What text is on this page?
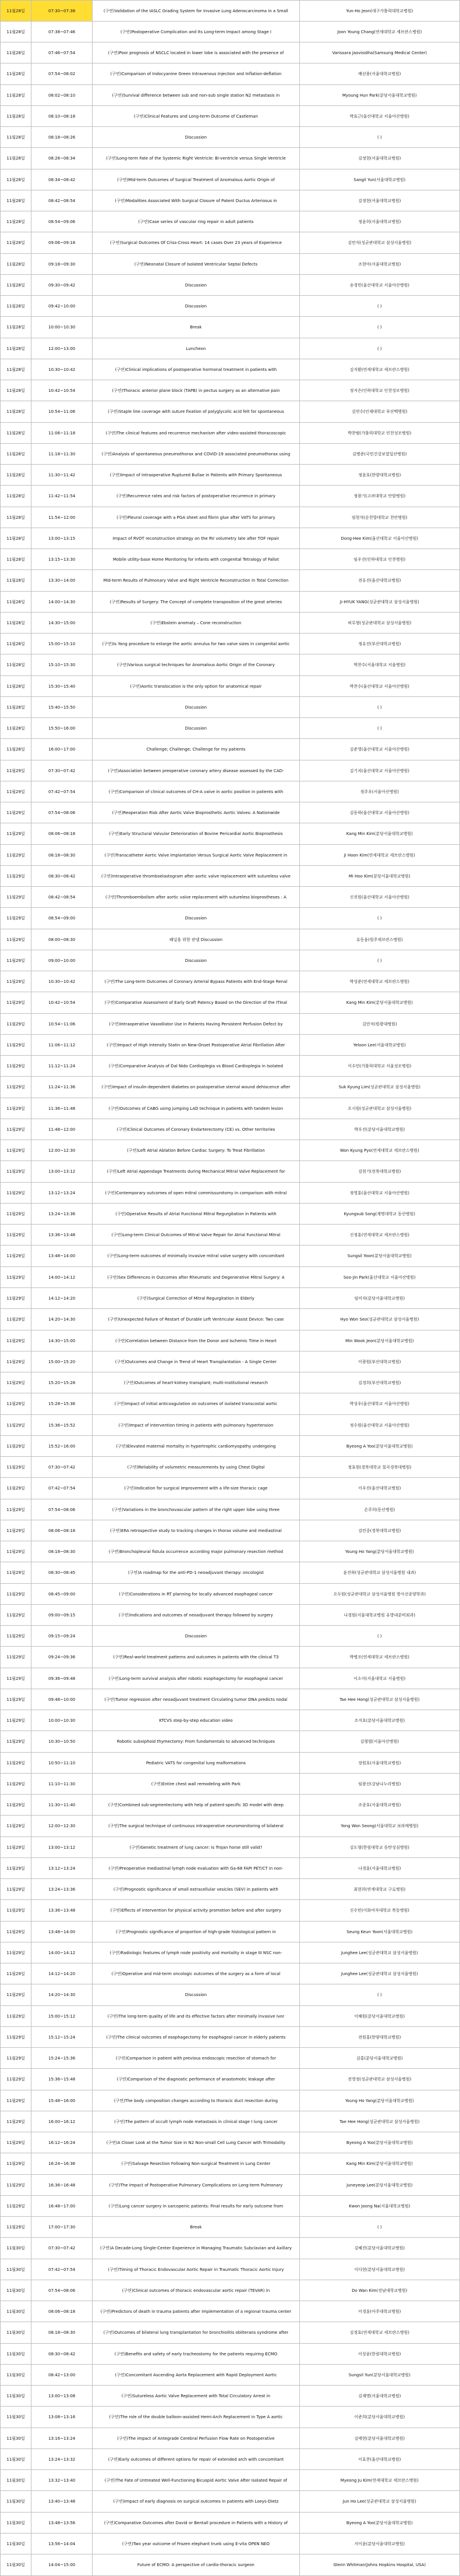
11월28일	07:30~07:38	(구연)Validation of the IASLC Grading System for Invasive Lung Adenocarcinoma in a Small	Yun-Ho Jeon(대구가톨릭대학교병원)
11월28일	07:38~07:46	(구연)Postoperative Complication and Its Long-term Impact among Stage I	Joon Young Chang(연세대학교 세브란스병원)
11월28일	07:46~07:54	(구연)Poor prognosis of NSCLC located in lower lobe is associated with the presence of	Varissara Jaovisidha(Samsung Medical Center)
11월28일	07:54~08:02	(구연)Comparison of Indocyanine Green Intravenous Injection and Inflation-deflation	배선용(서울대학교병원)
11월28일	08:02~08:10	(구연)Survival difference between sub and non-sub single station N2 metastasis in	Myoung Hun Park(분당서울대학교병원)
11월28일	08:10~08:18	(구연)Clinical Features and Long-term Outcome of Castleman	박효근(울산대학교 서울아산병원)
11월28일	08:18~08:26	Discussion	( )
11월28일	08:26~08:34	(구연)Long-term Fate of the Systemic Right Ventricle: Bi-ventricle versus Single Ventricle	김정현(서울대학교병원)
11월28일	08:34~08:42	(구연)Mid-term Outcomes of Surgical Treatment of Anomalous Aortic Origin of	Sangil Yun(서울대학교병원)
11월28일	08:42~08:54	(구연)Modalities Associated With Surgical Closure of Patent Ductus Arteriosus in	김정현(서울대학교병원)
11월28일	08:54~09:06	(구연)Case series of vascular ring repair in adult patients	정윤희(서울대학교병원)
11월28일	09:06~09:18	(구연)Surgical Outcomes Of Criss-Cross Heart: 14 cases Over 23 years of Experience	김민식(성균관대학교 삼성서울병원)
11월28일	09:18~09:30	(구연)Neonatal Closure of Isolated Ventricular Septal Defects	조현아(서울대학교병원)
11월28일	09:30~09:42	Discussion	송경민(울산대학교 서울아산병원)
11월28일	09:42~10:00	Discussion	( )
11월28일	10:00~10:30	Break	( )
11월28일	12:00~13:00	Luncheon	( )
11월28일	10:30~10:42	(구연)Clinical implications of postoperative hormonal treatment in patients with	김지환(연세대학교 세브란스병원)
11월28일	10:42~10:54	(구연)Thoracic anterior plane block (TAPB) in pectus surgery as an alternative pain	정지은(인하대학교 인천성모병원)
11월28일	10:54~11:06	(구연)Staple line coverage with suture fixation of polyglycolic acid felt for spontaneous	김연수(인제대학교 부산백병원)
11월28일	11:06~11:18	(구연)The clinical features and recurrence mechanism after video-assisted thoracoscopic	박찬범(가톨릭대학교 인천성모병원)
11월28일	11:18~11:30	(구연)Analysis of spontaneous pneumothorax and COVID-19 associated pneumothorax using	김병준(국민건강보험일산병원)
11월28일	11:30~11:42	(구연)Impact of Intraoperative Ruptured Bullae in Patients with Primary Spontaneous	정윤호(한양대학교병원)
11월28일	11:42~11:54	(구연)Recurrence rates and risk factors of postoperative recurrence in primary	정광기(고려대학교 안암병원)
11월28일	11:54~12:00	(구연)Pleural coverage with a PGA sheet and fibrin glue after VATS for primary	임현석(순천향대학교 천안병원)
11월28일	13:00~13:15	Impact of RVOT reconstruction strategy on the RV volumetry late after TOF repair	Dong-Hee Kim(울산대학교 서울아산병원)
11월28일	13:15~13:30	Mobile utility-base Home Monitoring for infants with congenital Tetralogy of Fallot	임우진(인하대학교 인천병원)
11월28일	13:30~14:00	Mid-term Results of Pulmonary Valve and Right Ventricle Reconstruction in Total Correction	전유진(울산대학교병원)
11월28일	14:00~14:30	(구연)Results of Surgery: The Concept of complete transposition of the great arteries	Ji-HYUK YANG(성균관대학교 삼성서울병원)
11월28일	14:30~15:00	(구연)Ebstein anomaly – Cone reconstruction	허루형(성균관대학교 삼성서울병원)
11월28일	15:00~15:10	(구연)Is Yang procedure to enlarge the aortic annulus for two valve sizes in congenital aortic	정유진(부산대학교병원)
11월28일	15:10~15:30	(구연)Various surgical techniques for Anomalous Aortic Origin of the Coronary	박찬수(서울대학교 서울병원)
11월28일	15:30~15:40	(구연)Aortic translocation is the only option for anatomical repair	박찬수(울산대학교 서울아산병원)
11월28일	15:40~15:50	Discussion	( )
11월28일	15:50~16:00	Discussion	( )
11월28일	16:00~17:00	Challenge; Challenge; Challenge for my patients	김준영(울산대학교 서울아산병원)
11월29일	07:30~07:42	(구연)Association between preoperative coronary artery disease assessed by the CAD-	김기치(울산대학교 서울아산병원)
11월29일	07:42~07:54	(구연)Comparison of clinical outcomes of CH-A valve in aortic position in patients with	정주우(서울아산병원)
11월29일	07:54~08:06	(구연)Reoperation Risk After Aortic Valve Bioprosthetic Aortic Valves: A Nationwide	김동하(울산대학교 서울아산병원)
11월29일	08:06~08:18	(구연)Early Structural Valvular Deterioration of Bovine Pericardial Aortic Bioprosthesis	Kang Min Kim(분당서울대학교병원)
11월29일	08:18~08:30	(구연)Transcatheter Aortic Valve Implantation Versus Surgical Aortic Valve Replacement in	Ji Hoon Kim(연세대학교 세브란스병원)
11월29일	08:30~08:42	(구연)Intraoperative thromboelastogram after aortic valve replacement with sutureless valve	Mi Hoo Kim(분당서울대학교병원)
11월29일	08:42~08:54	(구연)Thromboembolism after aortic valve replacement with sutureless bioprostheses : A	신진원(울산대학교 서울아산병원)
11월29일	08:54~09:00	Discussion	( )
11월29일	08:00~08:30	패널을 위한 판넬 Discussion	유동윤(원주세브란스병원)
11월29일	09:00~10:00	Discussion	( )
11월29일	10:30~10:42	(구연)The Long-term Outcomes of Coronary Arterial Bypass Patients with End-Stage Renal	박성준(연세대학교 세브란스병원)
11월29일	10:42~10:54	(구연)Comparative Assessment of Early Graft Patency Based on the Direction of the ITInal	Kang Min Kim(분당서울대학교병원)
11월29일	10:54~11:06	(구연)Intraoperative Vasodilator Use in Patients Having Persistent Perfusion Defect by	김민석(원광대병원)
11월29일	11:06~11:12	(구연)Impact of High Intensity Statin on New-Onset Postoperative Atrial Fibrillation After	Yeloon Lee(서울대학교병원)
11월29일	11:12~11:24	(구연)Comparative Analysis of Dal Nido Cardioplegia vs Blood Cardioplegia in Isolated	이수민(가톨릭대학교 서울성모병원)
11월29일	11:24~11:36	(구연)Impact of insulin-dependent diabetes on postoperative sternal wound dehiscence after	Suk Kyung Lim(성균관대학교 삼성서울병원)
11월29일	11:36~11:48	(구연)Outcomes of CABG using jumping LAD technique in patients with tandem lesion	오시원(성균관대학교 삼성서울병원)
11월29일	11:48~12:00	(구연)Clinical Outcomes of Coronary Endarterectomy (CE) vs. Other territories	박우진(분당서울대학교병원)
11월29일	12:00~12:30	(구연)Left Atrial Ablation Before Cardiac Surgery: To Treat Fibrillation	Won Kyung Pyo(연세대학교 세브란스병원)
11월29일	13:00~13:12	(구연)Left Atrial Appendage Treatments during Mechanical Mitral Valve Replacement for	김현기(전북대학교병원)
11월29일	13:12~13:24	(구연)Contemporary outcomes of open mitral commissurotomy in comparison with mitral	정영훈(울산대학교 서울아산병원)
11월29일	13:24~13:36	(구연)Operative Results of Atrial Functional Mitral Regurgitation in Patients with	Kyungsub Song(계명대학교 동산병원)
11월29일	13:36~13:48	(구연)Long-term Clinical Outcomes of Mitral Valve Repair for Atrial Functional Mitral	신정훈(연세대학교 세브란스병원)
11월29일	13:48~14:00	(구연)Long-term outcomes of minimally invasive mitral valve surgery with concomitant	Sungsil Yoon(분당서울대학교병원)
11월29일	14:00~14:12	(구연)Sex Differences in Outcomes after Rheumatic and Degenerative Mitral Surgery: A	Soo-Jin Park(울산대학교 서울아산병원)
11월29일	14:12~14:20	(구연)Surgical Correction of Mitral Regurgitation in Elderly	임미자(분당서울대학교병원)
11월29일	14:20~14:30	(구연)Unexpected Failure of Restart of Durable Left Ventricular Assist Device: Two case	Hyo Won Seo(성균관대학교 삼성서울병원)
11월29일	14:30~15:00	(구연)Correlation between Distance from the Donor and Ischemic Time in Heart	Min Wook Jeon(분당서울대학교병원)
11월29일	15:00~15:20	(구연)Outcomes and Change in Trend of Heart Transplantation - A Single Center	이광원(부산대학교병원)
11월29일	15:20~15:28	(구연)Outcomes of heart-kidney transplant; multi-institutional research	김경희(부산대학교병원)
11월29일	15:28~15:36	(구연)Impact of initial anticoagulation on outcomes of isolated transcostal aortic	박성우(울산대학교 서울아산병원)
11월29일	15:36~15:52	(구연)Impact of intervention timing in patients with pulmonary hypertension	정수원(울산대학교 서울아산병원)
11월29일	15:52~16:00	(구연)Elevated maternal mortality in hypertrophic cardiomyopathy undergoing	Byeong A Yoo(분당서울대학교병원)
11월29일	07:30~07:42	(구연)Reliability of volumetric measurements by using Chest Digital	정효원(경북대학교 칠곡경북대병원)
11월29일	07:42~07:54	(구연)Indication for surgical improvement with a life-size thoracic cage	이우진(울산대학교병원)
11월29일	07:54~08:06	(구연)Variations in the bronchovascular pattern of the right upper lobe using three	손주희(동산병원)
11월29일	08:06~08:18	(구연)ERA retrospective study to tracking changes in thorax volume and mediastinal	김민중(경북대학교병원)
11월29일	08:18~08:30	(구연)Bronchopleural fistula occurrence according major pulmonary resection method	Young Ho Yang(분당서울대학교병원)
11월29일	08:30~08:45	(구연)A roadmap for the anti-PD-1 neoadjuvant therapy: oncologist	윤진하(성균관대학교 삼성서울병원 내과)
11월29일	08:45~09:00	(구연)Considerations in RT planning for locally advanced esophageal cancer	오두원(성균관대학교 삼성서울병원 방사선종양학과)
11월29일	09:00~09:15	(구연)Indications and outcomes of neoadjuvant therapy followed by surgery	나경원(서울대학교병원 유방내분비외과)
11월29일	09:15~09:24	Discussion	( )
11월29일	09:24~09:36	(구연)Real-world treatment patterns and outcomes in patients with the clinical T3	박병조(연세대학교 세브란스병원)
11월29일	09:36~09:48	(구연)Long-term survival analysis after robotic esophagectomy for esophageal cancer	이소미(서울대학교 서울병원)
11월29일	09:48~10:00	(구연)Tumor regression after neoadjuvant treatment Circulating tumor DNA predicts nodal	Tae Hee Hong(성균관대학교 삼성서울병원)
11월29일	10:00~10:30	KTCVS step-by-step education video	조지호(분당서울대학교병원)
11월29일	10:30~10:50	Robotic subxiphoid thymectomy: From fundamentals to advanced techniques	김형렬(서울아산병원)
11월29일	10:50~11:10	Pediatric VATS for congenital lung malformations	장원호(서울대학교병원)
11월29일	11:10~11:30	(구연)Entire chest wall remodeling with Park	임광선(강남나누리병원)
11월29일	11:30~11:40	(구연)Combined sub-segmentectomy with help of patient-specific 3D model with deep	조종호(서울대학교병원)
11월29일	12:00~12:30	(구연)The surgical technique of continuous intraoperative neuromonitoring of bilateral	Yong Won Seong(서울대학교 보라매병원)
11월29일	13:00~13:12	(구연)Genetic treatment of lung cancer: Is Trojan horse still valid?	김도형(한림대학교 동탄성심병원)
11월29일	13:12~13:24	(구연)Preoperative mediastinal lymph node evaluation with Ga-68 FAPI PET/CT in non-	나경훈(서울대학교병원)
11월29일	13:24~13:36	(구연)Prognostic significance of small extracellular vesicles (SEV) in patients with	최현희(연세대학교 구로병원)
11월29일	13:36~13:48	(구연)Effects of intervention for physical activity promotion before and after surgery	신수민(이화여자대학교 목동병원)
11월29일	13:48~14:00	(구연)Prognostic significance of proportion of high-grade histological pattern in	Seung Keun Yoon(서울대학교병원)
11월29일	14:00~14:12	(구연)Radiologic features of lymph node positivity and mortality in stage III NSC non-	Junghee Lee(성균관대학교 삼성서울병원)
11월29일	14:12~14:20	(구연)Operative and mid-term oncologic outcomes of the surgery as a form of local	Junghee Lee(성균관대학교 삼성서울병원)
11월29일	14:20~14:30	Discussion	( )
11월29일	15:00~15:12	(구연)The long-term quality of life and its effective factors after minimally invasive Ivor	이혜원(분당서울대학교병원)
11월29일	15:12~15:24	(구연)The clinical outcomes of esophagectomy for esophageal cancer in elderly patients	전원홍(한양대학교병원)
11월29일	15:24~15:36	(구연)Comparison in patient with previous endoscopic resection of stomach for	김홍(분당서울대학교병원)
11월29일	15:36~15:48	(구연)Comparison of the diagnostic performance of anastomotic leakage after	전영정(성균관대학교 삼성서울병원)
11월29일	15:48~16:00	(구연)The body composition changes according to thoracic duct resection during	Young Ho Yang(분당서울대학교병원)
11월29일	16:00~16:12	(구연)The pattern of occult lymph node metastasis in clinical stage I lung cancer	Tae Hee Hong(성균관대학교 삼성서울병원)
11월29일	16:12~16:24	(구연)A Closer Look at the Tumor Size in N2 Non-small Cell Lung Cancer with Trimodality	Byeong A Yoo(분당서울대학교병원)
11월29일	16:24~16:36	(구연)Salvage Resection Following Non-surgical Treatment in Lung Center	Kang Min Kim(분당서울대학교병원)
11월29일	16:36~16:48	(구연)The Impact of Postoperative Pulmonary Complications on Long-term Pulmonary	Juneyeop Lee(분당서울대학교병원)
11월29일	16:48~17:00	(구연)Lung cancer surgery in sarcopenic patients: Final results for early outcome from	Kwon Joong Na(서울대학교병원)
11월29일	17:00~17:30	Break	( )
11월30일	07:30~07:42	(구연)A Decade-Long Single-Center Experience in Managing Traumatic Subclavian and Axillary	김혜진(분당서울대학교병원)
11월30일	07:42~07:54	(구연)Timing of Thoracic Endovascular Aortic Repair in Traumatic Thoracic Aortic Injury	이다현(분당서울대학교병원)
11월30일	07:54~08:06	(구연)Clinical outcomes of thoracic endovascular aortic repair (TEVAR) in	Do Wan Kim(전남대학교병원)
11월30일	08:06~08:18	(구연)Predictors of death in trauma patients after implementation of a regional trauma center	이경훈(아주대학교병원)
11월30일	08:18~08:30	(구연)Outcomes of bilateral lung transplantation for bronchiolitis obliterans syndrome after	김경효(연세대학교 세브란스병원)
11월30일	08:30~08:42	(구연)Benefits and safety of early tracheostomy for the patients requiring ECMO	이상윤(한림대학교병원)
11월30일	08:42~13:00	(구연)Concomitant Ascending Aorta Replacement with Rapid Deployment Aortic	Sungsil Yun(분당서울대학교병원)
11월30일	13:00~13:08	(구연)Sutureless Aortic Valve Replacement with Total Circulatory Arrest in	김재명(서울대학교병원)
11월30일	13:08~13:16	(구연)The role of the double balloon-assisted Hemi-Arch Replacement in Type A aortic	이준희(분당서울대학교병원)
11월30일	13:16~13:24	(구연)The impact of Antegrade Cerebral Perfusion Flow Rate on Postoperative	김태현(분당서울대학교병원)
11월30일	13:24~13:32	(구연)Early outcomes of different options for repair of extended arch with concomitant	이효찬(울산대학교병원)
11월30일	13:32~13:40	(구연)The Fate of Untreated Well-Functioning Bicuspid Aortic Valve After Isolated Repair of	Myeong Ju Kim(연세대학교 세브란스병원)
11월30일	13:40~13:48	(구연)Impact of early diagnosis on surgical outcomes in patients with Loeys-Dietz	Jun Ho Lee(성균관대학교 삼성서울병원)
11월30일	13:48~13:56	(구연)Comparative Outcomes after David or Bentall procedure in Patients with a History of	Byeong A Yoo(분당서울대학교병원)
11월30일	13:56~14:04	(구연)Two year outcome of Frozen elephant trunk using E-vita OPEN NEO	서이윤(분당서울대학교병원)
11월30일	14:04~15:00	Future of ECMO: A perspective of cardio-thoracic surgeon	Glenn Whitman(Johns Hopkins Hospital, USA)
